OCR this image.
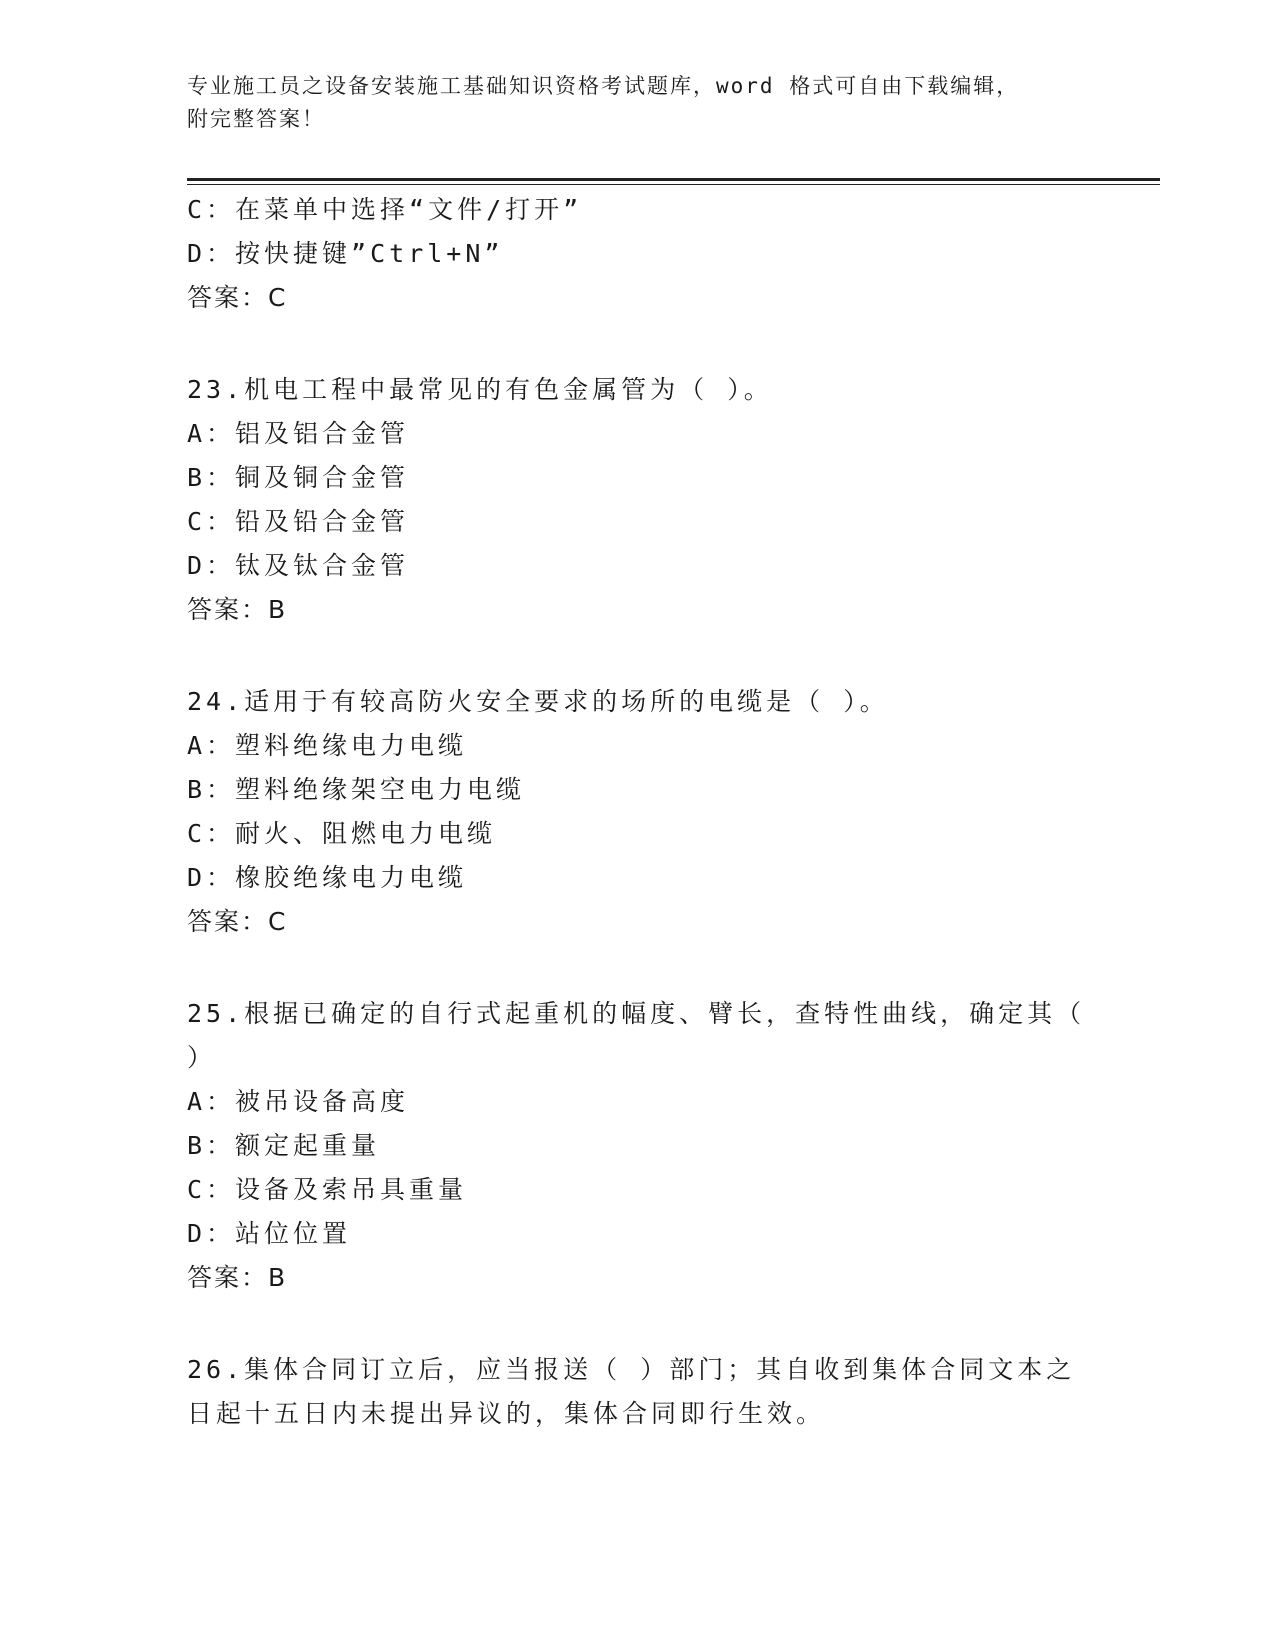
专业施工员之设备安装施工基础知识资格考试题库，word 格式可自由下载编辑，
附完整答案！
C：在菜单中选择“文件/打开”
D：按快捷键”Ctrl+N”
答案：C
23.机电工程中最常见的有色金属管为（ ）。
A：铝及铝合金管
B：铜及铜合金管
C：铅及铅合金管
D：钛及钛合金管
答案：B
24.适用于有较高防火安全要求的场所的电缆是（ ）。
A：塑料绝缘电力电缆
B：塑料绝缘架空电力电缆
C：耐火、阻燃电力电缆
D：橡胶绝缘电力电缆
答案：C
25.根据已确定的自行式起重机的幅度、臂长，查特性曲线，确定其（
）
A：被吊设备高度
B：额定起重量
C：设备及索吊具重量
D：站位位置
答案：B
26.集体合同订立后，应当报送（ ）部门；其自收到集体合同文本之
日起十五日内未提出异议的，集体合同即行生效。
